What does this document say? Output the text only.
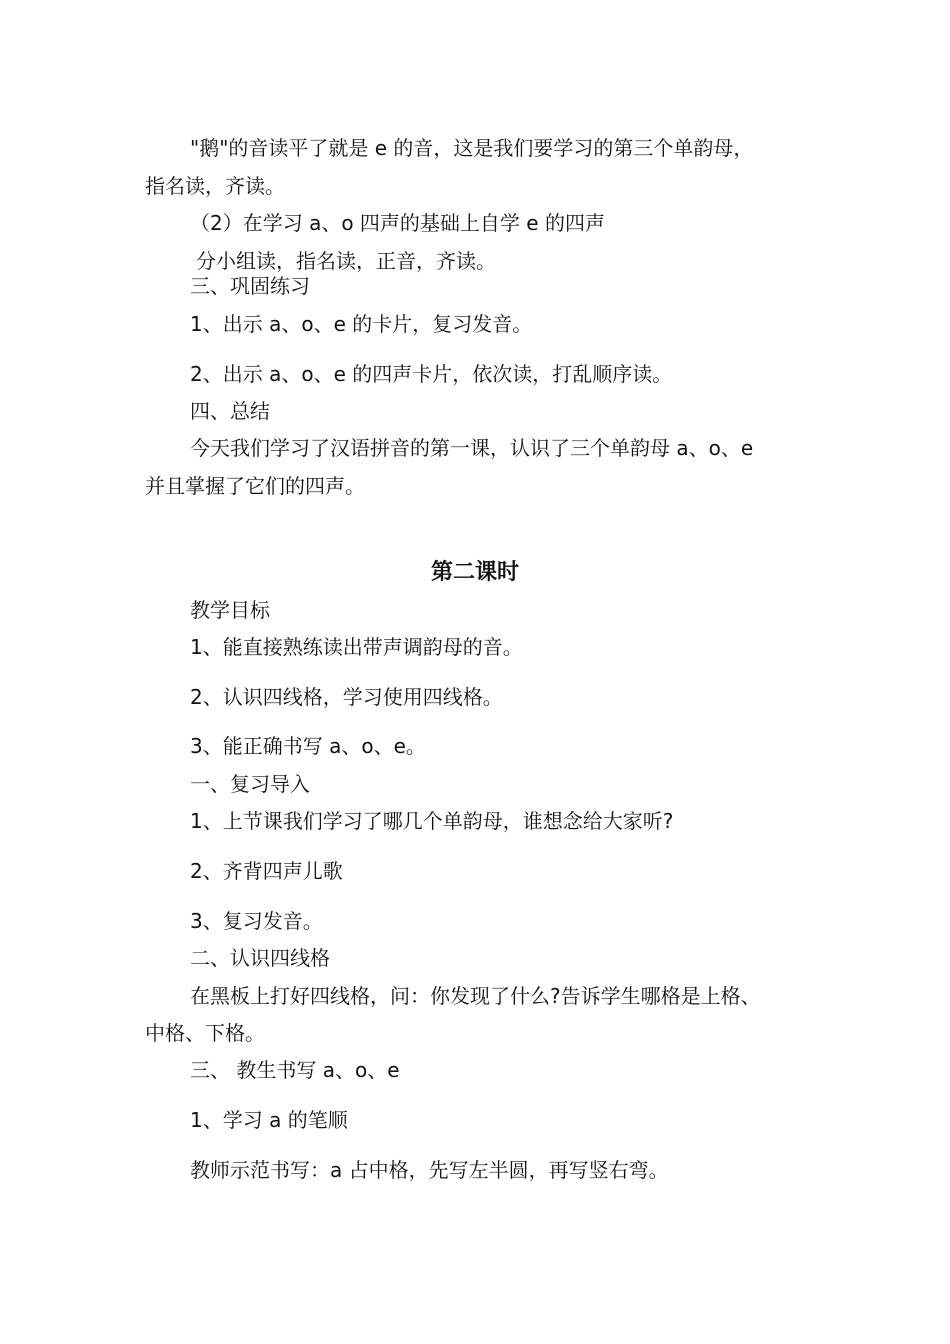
"鹅"的音读平了就是 e 的音，这是我们要学习的第三个单韵母，
指名读，齐读。
（2）在学习 a、o 四声的基础上自学 e 的四声
分小组读，指名读，正音，齐读。
三、巩固练习
1、出示 a、o、e 的卡片，复习发音。
2、出示 a、o、e 的四声卡片，依次读，打乱顺序读。
四、总结
今天我们学习了汉语拼音的第一课，认识了三个单韵母 a、o、e
并且掌握了它们的四声。
第二课时
教学目标
1、能直接熟练读出带声调韵母的音。
2、认识四线格，学习使用四线格。
3、能正确书写 a、o、e。
一、复习导入
1、上节课我们学习了哪几个单韵母，谁想念给大家听?
2、齐背四声儿歌
3、复习发音。
二、认识四线格
在黑板上打好四线格，问：你发现了什么?告诉学生哪格是上格、
中格、下格。
三、 教生书写 a、o、e
1、学习 a 的笔顺
教师示范书写：a 占中格，先写左半圆，再写竖右弯。
